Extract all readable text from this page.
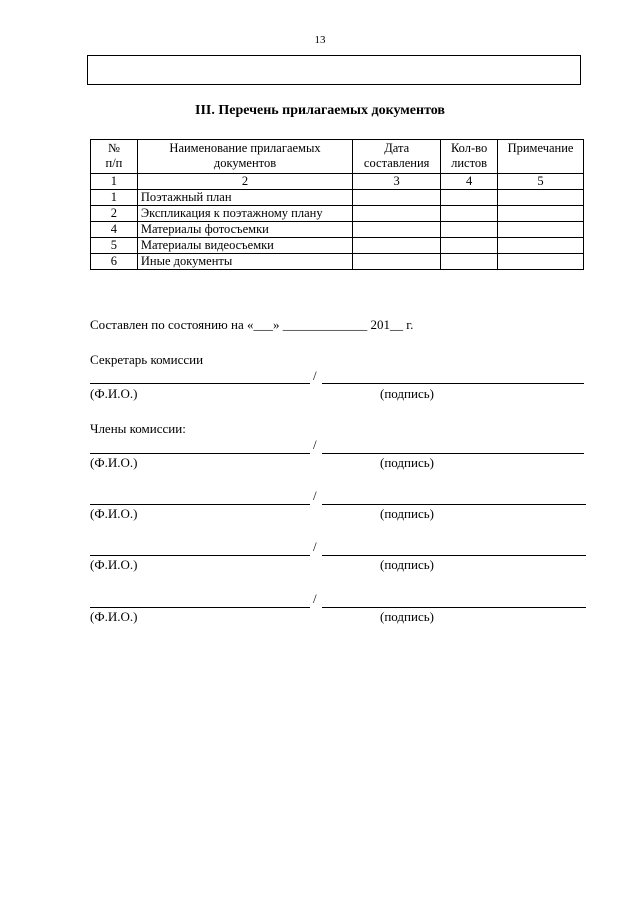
13
III. Перечень прилагаемых документов
№
п/п	Наименование прилагаемых документов	Дата составления	Кол-во листов	Примечание
1	2	3	4	5
1	Поэтажный план			
2	Экспликация к поэтажному плану			
4	Материалы фотосъемки			
5	Материалы видеосъемки			
6	Иные документы			
Составлен по состоянию на «___» _____________ 201__ г.
Секретарь комиссии
/
(Ф.И.О.)	(подпись)
Члены комиссии:
/
(Ф.И.О.)	(подпись)
/
(Ф.И.О.)	(подпись)
/
(Ф.И.О.)	(подпись)
/
(Ф.И.О.)	(подпись)
